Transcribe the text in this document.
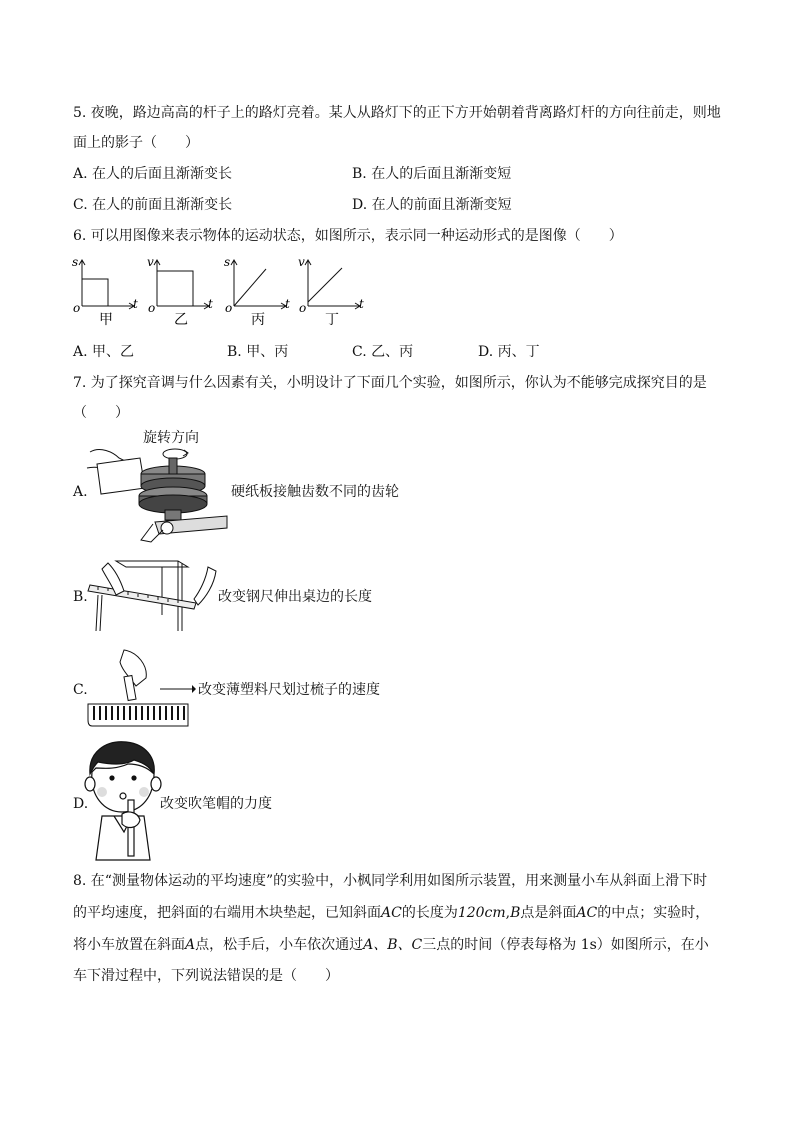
5. 夜晚，路边高高的杆子上的路灯亮着。某人从路灯下的正下方开始朝着背离路灯杆的方向往前走，则地
面上的影子（　　）
A. 在人的后面且渐渐变长	B. 在人的后面且渐渐变短
C. 在人的前面且渐渐变长	D. 在人的前面且渐渐变短
6. 可以用图像来表示物体的运动状态，如图所示，表示同一种运动形式的是图像（　　）
s
t
o
甲
v
t
o
乙
s
t
o
丙
v
t
o
丁
A. 甲、乙	B. 甲、丙	C. 乙、丙	D. 丙、丁
7. 为了探究音调与什么因素有关，小明设计了下面几个实验，如图所示，你认为不能够完成探究目的是
（　　）
A.
旋转方向
硬纸板接触齿数不同的齿轮
B.	改变钢尺伸出桌边的长度
C.	改变薄塑料尺划过梳子的速度
D.	改变吹笔帽的力度
8. 在“测量物体运动的平均速度”的实验中，小枫同学利用如图所示装置，用来测量小车从斜面上滑下时
的平均速度，把斜面的右端用木块垫起，已知斜面AC的长度为120cm,B点是斜面AC的中点；实验时，
将小车放置在斜面A点，松手后，小车依次通过A、B、C三点的时间（停表每格为 1s）如图所示，在小
车下滑过程中，下列说法错误的是（　　）
